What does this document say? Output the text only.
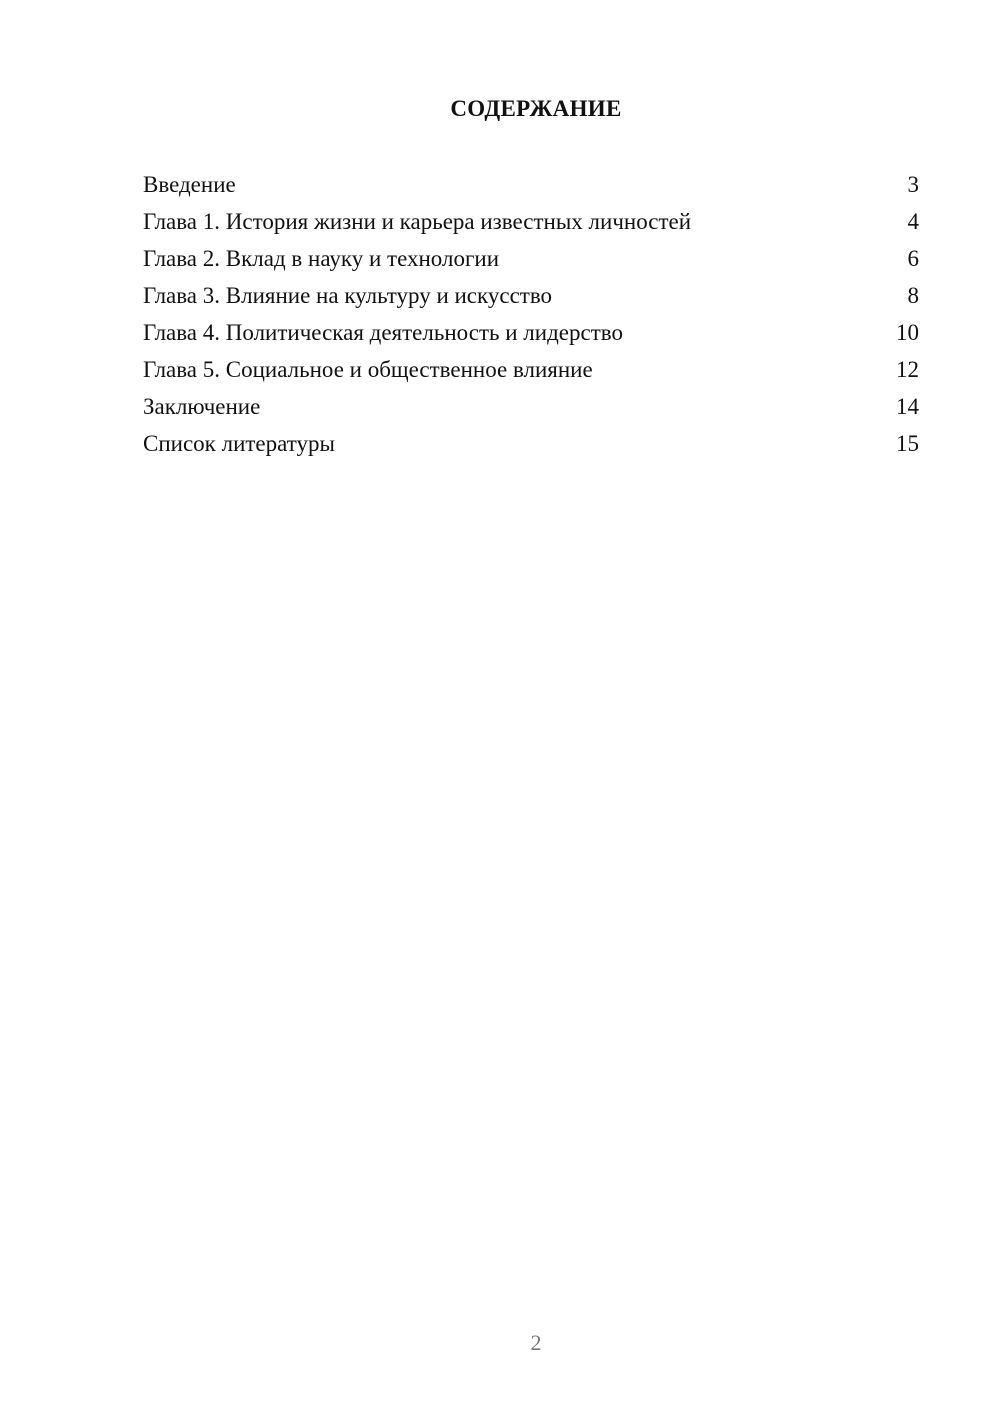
СОДЕРЖАНИЕ
Введение	3
Глава 1. История жизни и карьера известных личностей	4
Глава 2. Вклад в науку и технологии	6
Глава 3. Влияние на культуру и искусство	8
Глава 4. Политическая деятельность и лидерство	10
Глава 5. Социальное и общественное влияние	12
Заключение	14
Список литературы	15
2
